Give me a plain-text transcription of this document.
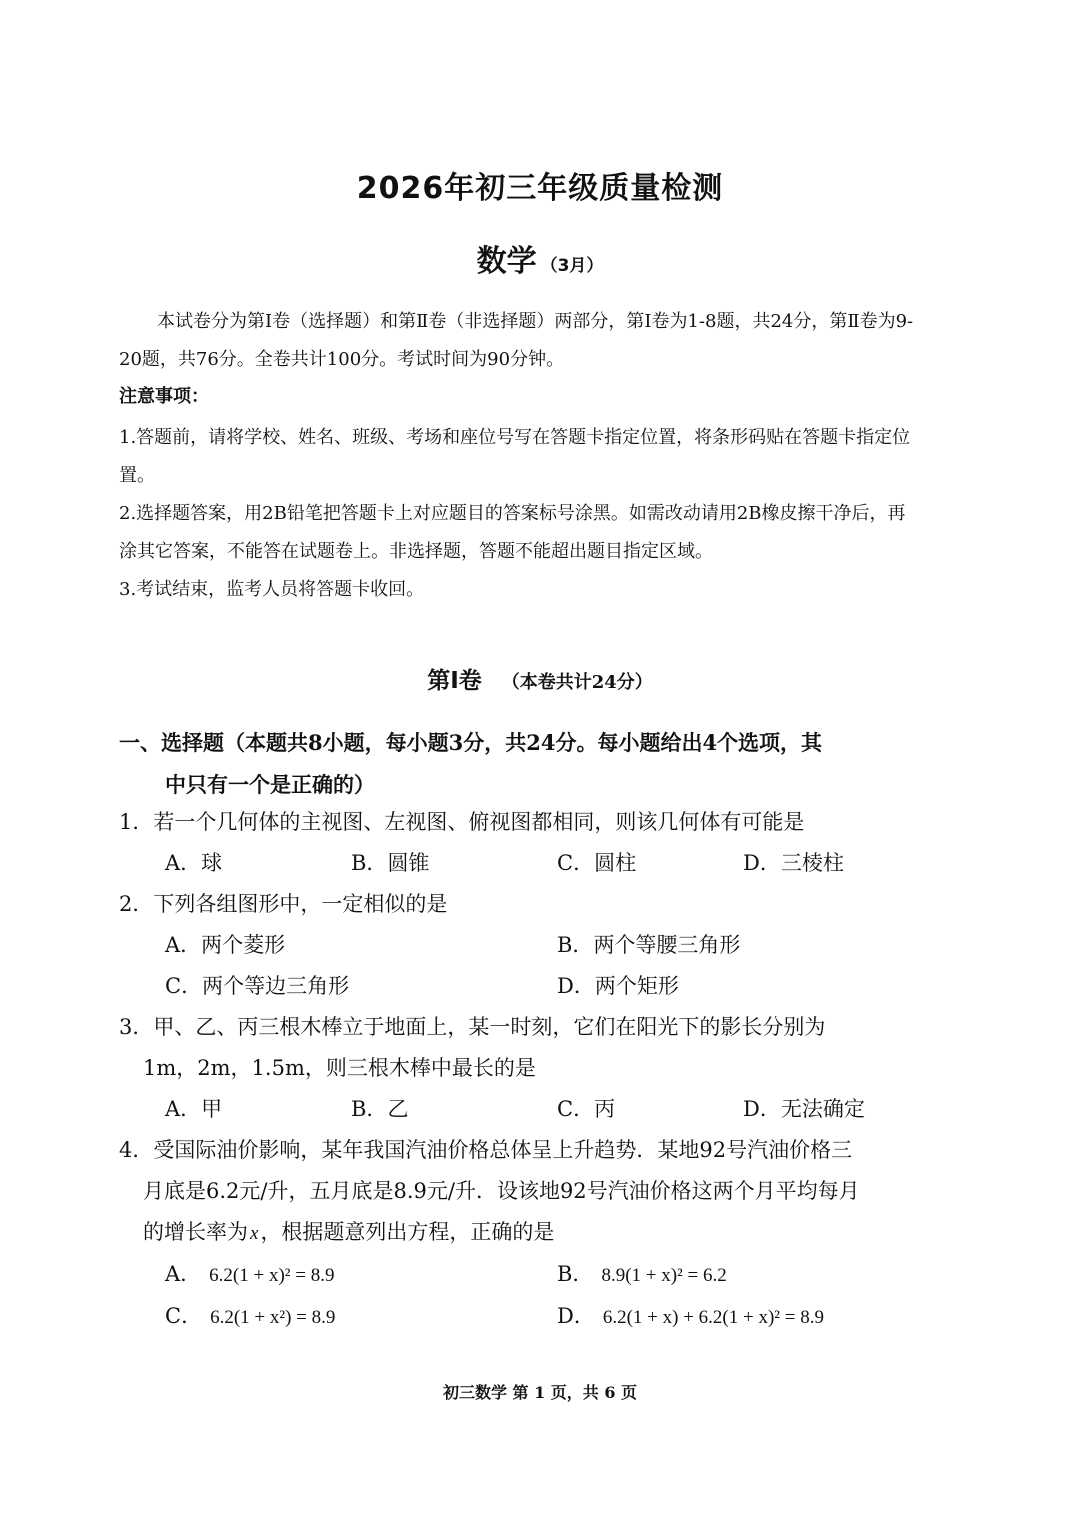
2026年初三年级质量检测
数学 （3月）
本试卷分为第Ⅰ卷（选择题）和第Ⅱ卷（非选择题）两部分，第Ⅰ卷为1-8题，共24分，第Ⅱ卷为9-20题，共76分。全卷共计100分。考试时间为90分钟。
注意事项：

1.答题前，请将学校、姓名、班级、考场和座位号写在答题卡指定位置，将条形码贴在答题卡指定位置。

2.选择题答案，用2B铅笔把答题卡上对应题目的答案标号涂黑。如需改动请用2B橡皮擦干净后，再涂其它答案，不能答在试题卷上。非选择题，答题不能超出题目指定区域。

3.考试结束，监考人员将答题卡收回。

第Ⅰ卷 （本卷共计24分）
一、选择题（本题共8小题，每小题3分，共24分。每小题给出4个选项，其
中只有一个是正确的）
1．若一个几何体的主视图、左视图、俯视图都相同，则该几何体有可能是
A．球	B．圆锥	C．圆柱	D．三棱柱
2．下列各组图形中，一定相似的是
A．两个菱形	B．两个等腰三角形
C．两个等边三角形	D．两个矩形
3．甲、乙、丙三根木棒立于地面上，某一时刻，它们在阳光下的影长分别为
1m，2m，1.5m，则三根木棒中最长的是
A．甲	B．乙	C．丙	D．无法确定
4．受国际油价影响，某年我国汽油价格总体呈上升趋势．某地92号汽油价格三
月底是6.2元/升，五月底是8.9元/升．设该地92号汽油价格这两个月平均每月
的增长率为 x，根据题意列出方程，正确的是
A． 6.2(1 + x)² = 8.9	B． 8.9(1 + x)² = 6.2
C． 6.2(1 + x²) = 8.9	D． 6.2(1 + x) + 6.2(1 + x)² = 8.9
初三数学 第 1 页，共 6 页
